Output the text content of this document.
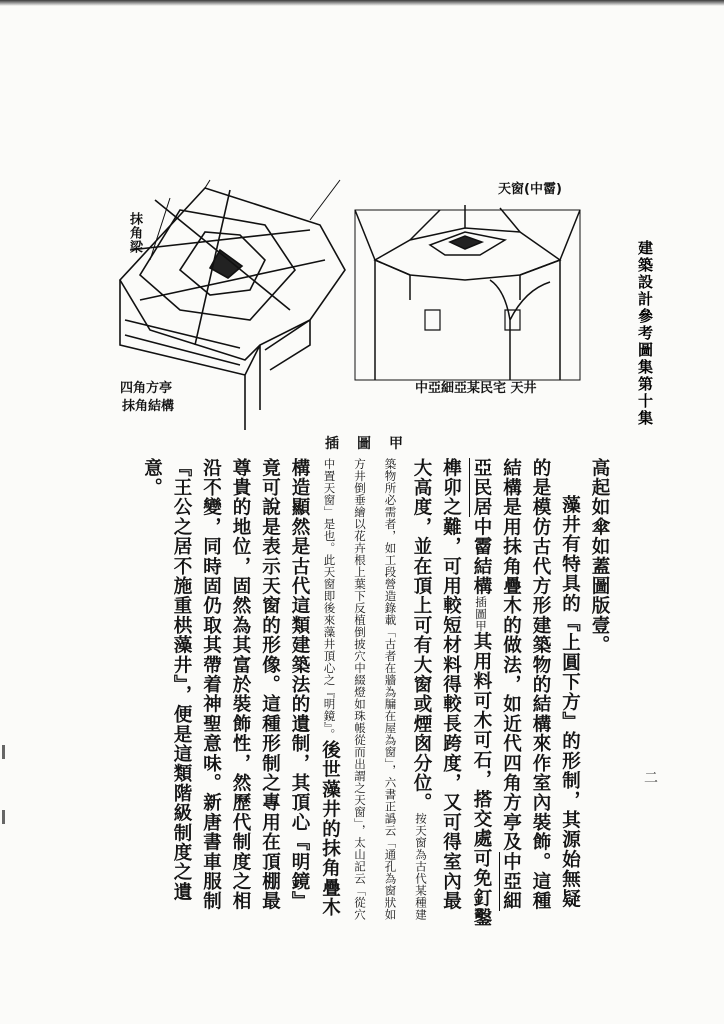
建築設計參考圖集第十集
二
抹角梁
四角方亭
抹角結構
天窗(中霤)
中亞細亞某民宅 天井
插圖甲

高起如傘如蓋圖版壹。

藻井有特具的『上圓下方』的形制，其源始無疑的是模仿古代方形建築物的結構來作室內裝飾。這種結構是用抹角疊木的做法，如近代四角方亭及中亞細亞民居中霤結構插圖甲其用料可木可石，搭交處可免釘鑿榫卯之難，可用較短材料得較長跨度，又可得室內最大高度，並在頂上可有大窗或煙囪分位。按天窗為古代某種建築物所必需者，如工段營造錄載「古者在牆為牖在屋為窗」，六書正譌云「通孔為窗狀如方井倒垂繪以花卉根上葉下反植倒披穴中綴燈如珠帳從而出謂之天窗」，太山記云「從穴中置天窗」是也。此天窗即後來藻井頂心之『明鏡』。後世藻井的抹角疊木構造顯然是古代這類建築法的遺制，其頂心『明鏡』竟可說是表示天窗的形像。這種形制之專用在頂棚最尊貴的地位，固然為其富於裝飾性，然歷代制度之相沿不變，同時固仍取其帶着神聖意味。新唐書車服制『王公之居不施重栱藻井』，便是這類階級制度之遺意。
